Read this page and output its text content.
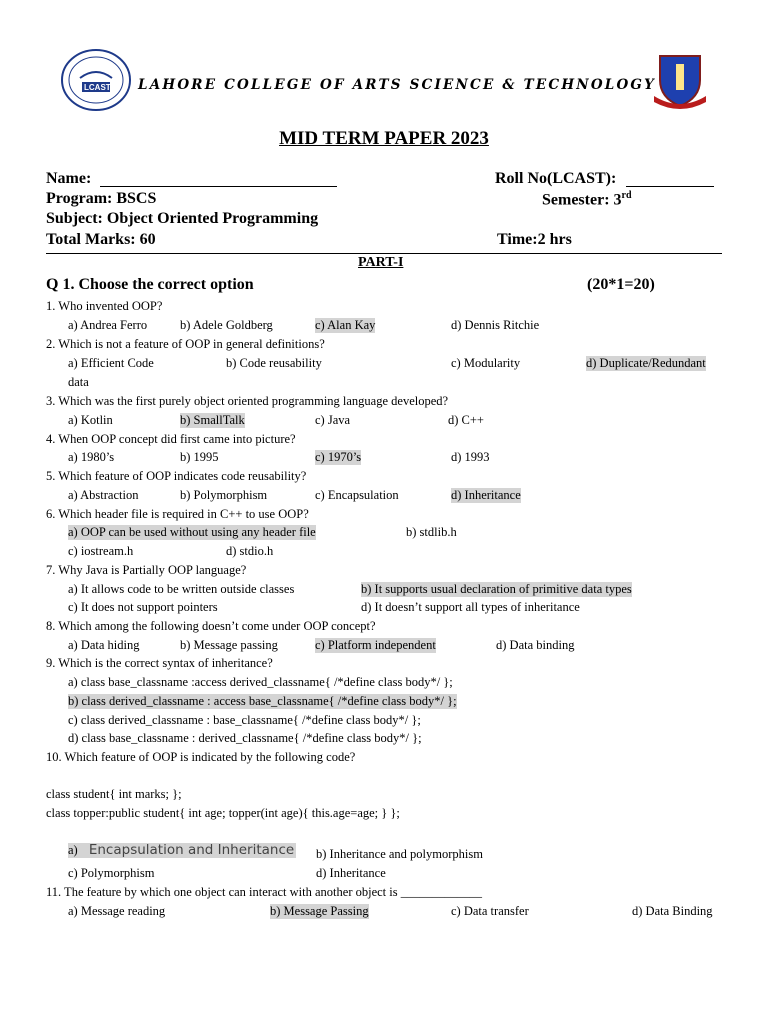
LCAST LAHORE COLLEGE OF ARTS SCIENCE & TECHNOLOGY
MID TERM PAPER 2023
Name:	Roll No(LCAST):
Program: BSCS	Semester: 3rd
Subject: Object Oriented Programming
Total Marks: 60	Time:2 hrs
PART-I
Q 1. Choose the correct option	(20*1=20)
1. Who invented OOP?
a) Andrea Ferro	b) Adele Goldberg	c) Alan Kay	d) Dennis Ritchie
2. Which is not a feature of OOP in general definitions?
a) Efficient Code	b) Code reusability	c) Modularity	d) Duplicate/Redundant
data
3. Which was the first purely object oriented programming language developed?
a) Kotlin	b) SmallTalk	c) Java	d) C++
4. When OOP concept did first came into picture?
a) 1980’s	b) 1995	c) 1970’s	d) 1993
5. Which feature of OOP indicates code reusability?
a) Abstraction	b) Polymorphism	c) Encapsulation	d) Inheritance
6. Which header file is required in C++ to use OOP?
a) OOP can be used without using any header file	b) stdlib.h
c) iostream.h	d) stdio.h
7. Why Java is Partially OOP language?
a) It allows code to be written outside classes	b) It supports usual declaration of primitive data types
c) It does not support pointers	d) It doesn’t support all types of inheritance
8. Which among the following doesn’t come under OOP concept?
a) Data hiding	b) Message passing	c) Platform independent	d) Data binding
9. Which is the correct syntax of inheritance?
a) class base_classname :access derived_classname{ /*define class body*/ };
b) class derived_classname : access base_classname{ /*define class body*/ };
c) class derived_classname : base_classname{ /*define class body*/ };
d) class base_classname : derived_classname{ /*define class body*/ };
10. Which feature of OOP is indicated by the following code?
class student{ int marks; };
class topper:public student{ int age; topper(int age){ this.age=age; } };
a) Encapsulation and Inheritance b) Inheritance and polymorphism
c) Polymorphism	d) Inheritance
11. The feature by which one object can interact with another object is _____________
a) Message reading	b) Message Passing	c) Data transfer	d) Data Binding
